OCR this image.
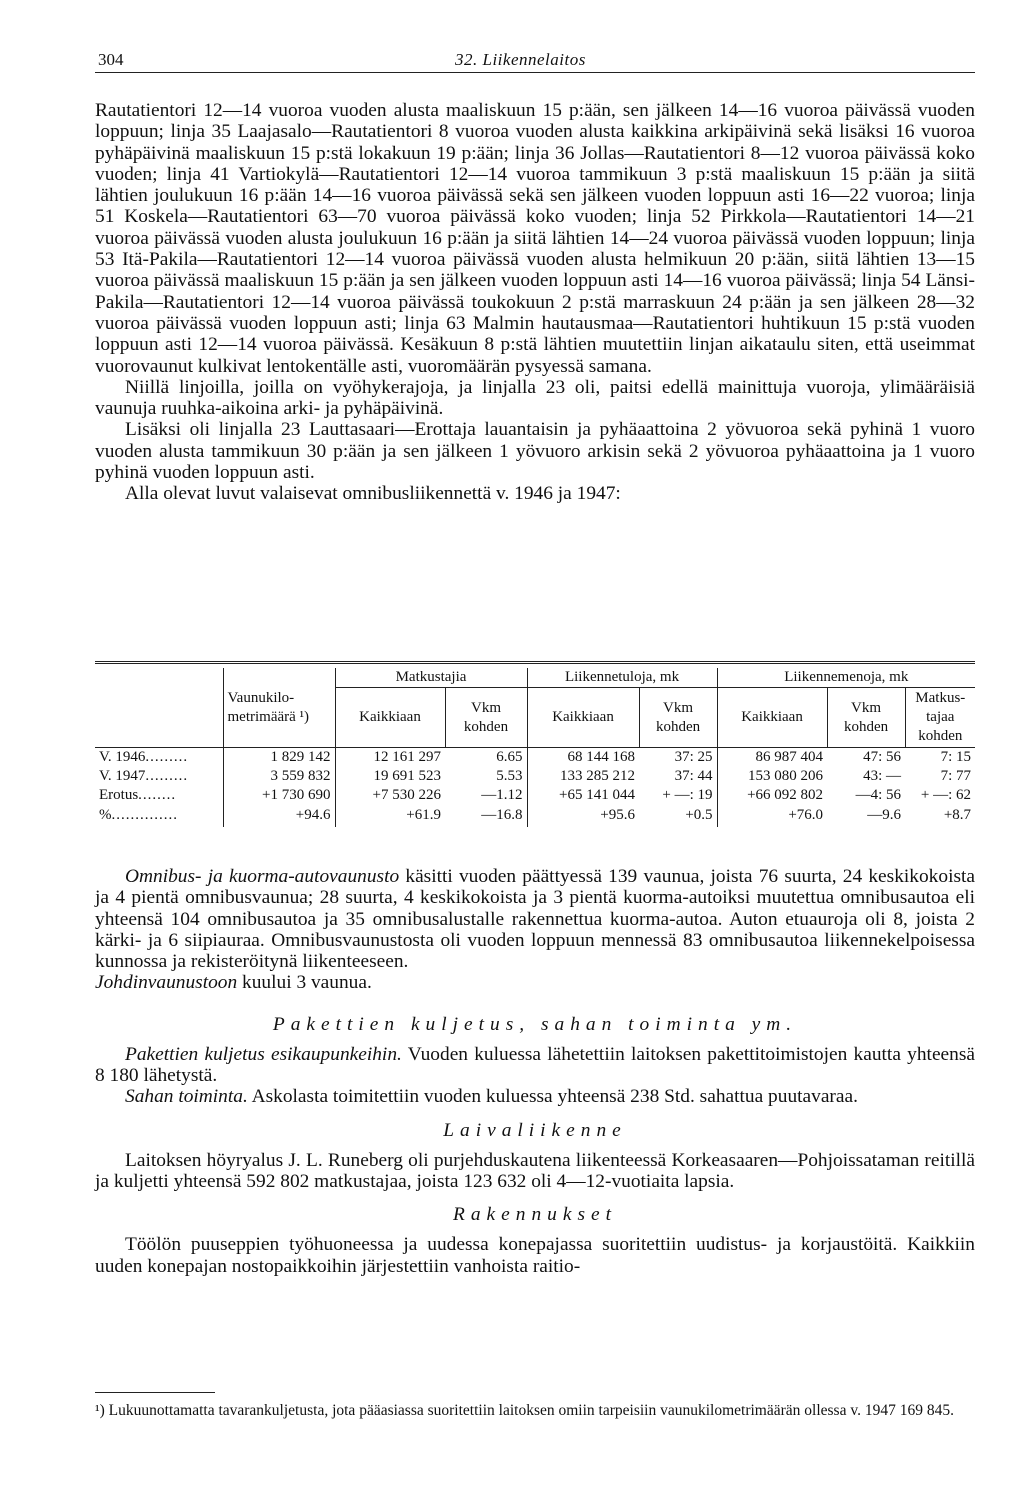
304	32. Liikennelaitos

Rautatientori 12—14 vuoroa vuoden alusta maaliskuun 15 p:ään, sen jälkeen 14—16 vuoroa päivässä vuoden loppuun; linja 35 Laajasalo—Rautatientori 8 vuoroa vuoden alusta kaikkina arkipäivinä sekä lisäksi 16 vuoroa pyhäpäivinä maaliskuun 15 p:stä lokakuun 19 p:ään; linja 36 Jollas—Rautatientori 8—12 vuoroa päivässä koko vuoden; linja 41 Vartiokylä—Rautatientori 12—14 vuoroa tammikuun 3 p:stä maaliskuun 15 p:ään ja siitä lähtien joulukuun 16 p:ään 14—16 vuoroa päivässä sekä sen jälkeen vuoden loppuun asti 16—22 vuoroa; linja 51 Koskela—Rautatientori 63—70 vuoroa päivässä koko vuoden; linja 52 Pirkkola—Rautatientori 14—21 vuoroa päivässä vuoden alusta joulukuun 16 p:ään ja siitä lähtien 14—24 vuoroa päivässä vuoden loppuun; linja 53 Itä-Pakila—Rautatientori 12—14 vuoroa päivässä vuoden alusta helmikuun 20 p:ään, siitä lähtien 13—15 vuoroa päivässä maaliskuun 15 p:ään ja sen jälkeen vuoden loppuun asti 14—16 vuoroa päivässä; linja 54 Länsi-Pakila—Rautatientori 12—14 vuoroa päivässä toukokuun 2 p:stä marraskuun 24 p:ään ja sen jälkeen 28—32 vuoroa päivässä vuoden loppuun asti; linja 63 Malmin hautausmaa—Rautatientori huhtikuun 15 p:stä vuoden loppuun asti 12—14 vuoroa päivässä. Kesäkuun 8 p:stä lähtien muutettiin linjan aikataulu siten, että useimmat vuorovaunut kulkivat lentokentälle asti, vuoromäärän pysyessä samana.

Niillä linjoilla, joilla on vyöhykerajoja, ja linjalla 23 oli, paitsi edellä mainittuja vuoroja, ylimääräisiä vaunuja ruuhka-aikoina arki- ja pyhäpäivinä.

Lisäksi oli linjalla 23 Lauttasaari—Erottaja lauantaisin ja pyhäaattoina 2 yövuoroa sekä pyhinä 1 vuoro vuoden alusta tammikuun 30 p:ään ja sen jälkeen 1 yövuoro arkisin sekä 2 yövuoroa pyhäaattoina ja 1 vuoro pyhinä vuoden loppuun asti.

Alla olevat luvut valaisevat omnibusliikennettä v. 1946 ja 1947:

	Vaunukilo-metrimäärä ¹)	Matkustajia		Liikennetuloja, mk		Liikennemenoja, mk		
		Kaikkiaan	Vkm kohden	Kaikkiaan	Vkm kohden	Kaikkiaan	Vkm kohden	Matkus-tajaa kohden
V. 1946.........	1 829 142	12 161 297	6.65	68 144 168	37: 25	86 987 404	47: 56	7: 15
V. 1947.........	3 559 832	19 691 523	5.53	133 285 212	37: 44	153 080 206	43: —	7: 77
Erotus........	+1 730 690	+7 530 226	—1.12	+65 141 044	+ —: 19	+66 092 802	—4: 56	+ —: 62
%..............	+94.6	+61.9	—16.8	+95.6	+0.5	+76.0	—9.6	+8.7

Omnibus- ja kuorma-autovaunusto käsitti vuoden päättyessä 139 vaunua, joista 76 suurta, 24 keskikokoista ja 4 pientä omnibusvaunua; 28 suurta, 4 keskikokoista ja 3 pientä kuorma-autoiksi muutettua omnibusautoa eli yhteensä 104 omnibusautoa ja 35 omnibusalustalle rakennettua kuorma-autoa. Auton etuauroja oli 8, joista 2 kärki- ja 6 siipiauraa. Omnibusvaunustosta oli vuoden loppuun mennessä 83 omnibusautoa liikennekelpoisessa kunnossa ja rekisteröitynä liikenteeseen.

Johdinvaunustoon kuului 3 vaunua.

Pakettien kuljetus, sahan toiminta ym.

Pakettien kuljetus esikaupunkeihin. Vuoden kuluessa lähetettiin laitoksen pakettitoimistojen kautta yhteensä 8 180 lähetystä.

Sahan toiminta. Askolasta toimitettiin vuoden kuluessa yhteensä 238 Std. sahattua puutavaraa.

Laivaliikenne

Laitoksen höyryalus J. L. Runeberg oli purjehduskautena liikenteessä Korkeasaaren—Pohjoissataman reitillä ja kuljetti yhteensä 592 802 matkustajaa, joista 123 632 oli 4—12-vuotiaita lapsia.

Rakennukset

Töölön puuseppien työhuoneessa ja uudessa konepajassa suoritettiin uudistus- ja korjaustöitä. Kaikkiin uuden konepajan nostopaikkoihin järjestettiin vanhoista raitio-

¹) Lukuunottamatta tavarankuljetusta, jota pääasiassa suoritettiin laitoksen omiin tarpeisiin vaunukilometrimäärän ollessa v. 1947 169 845.
